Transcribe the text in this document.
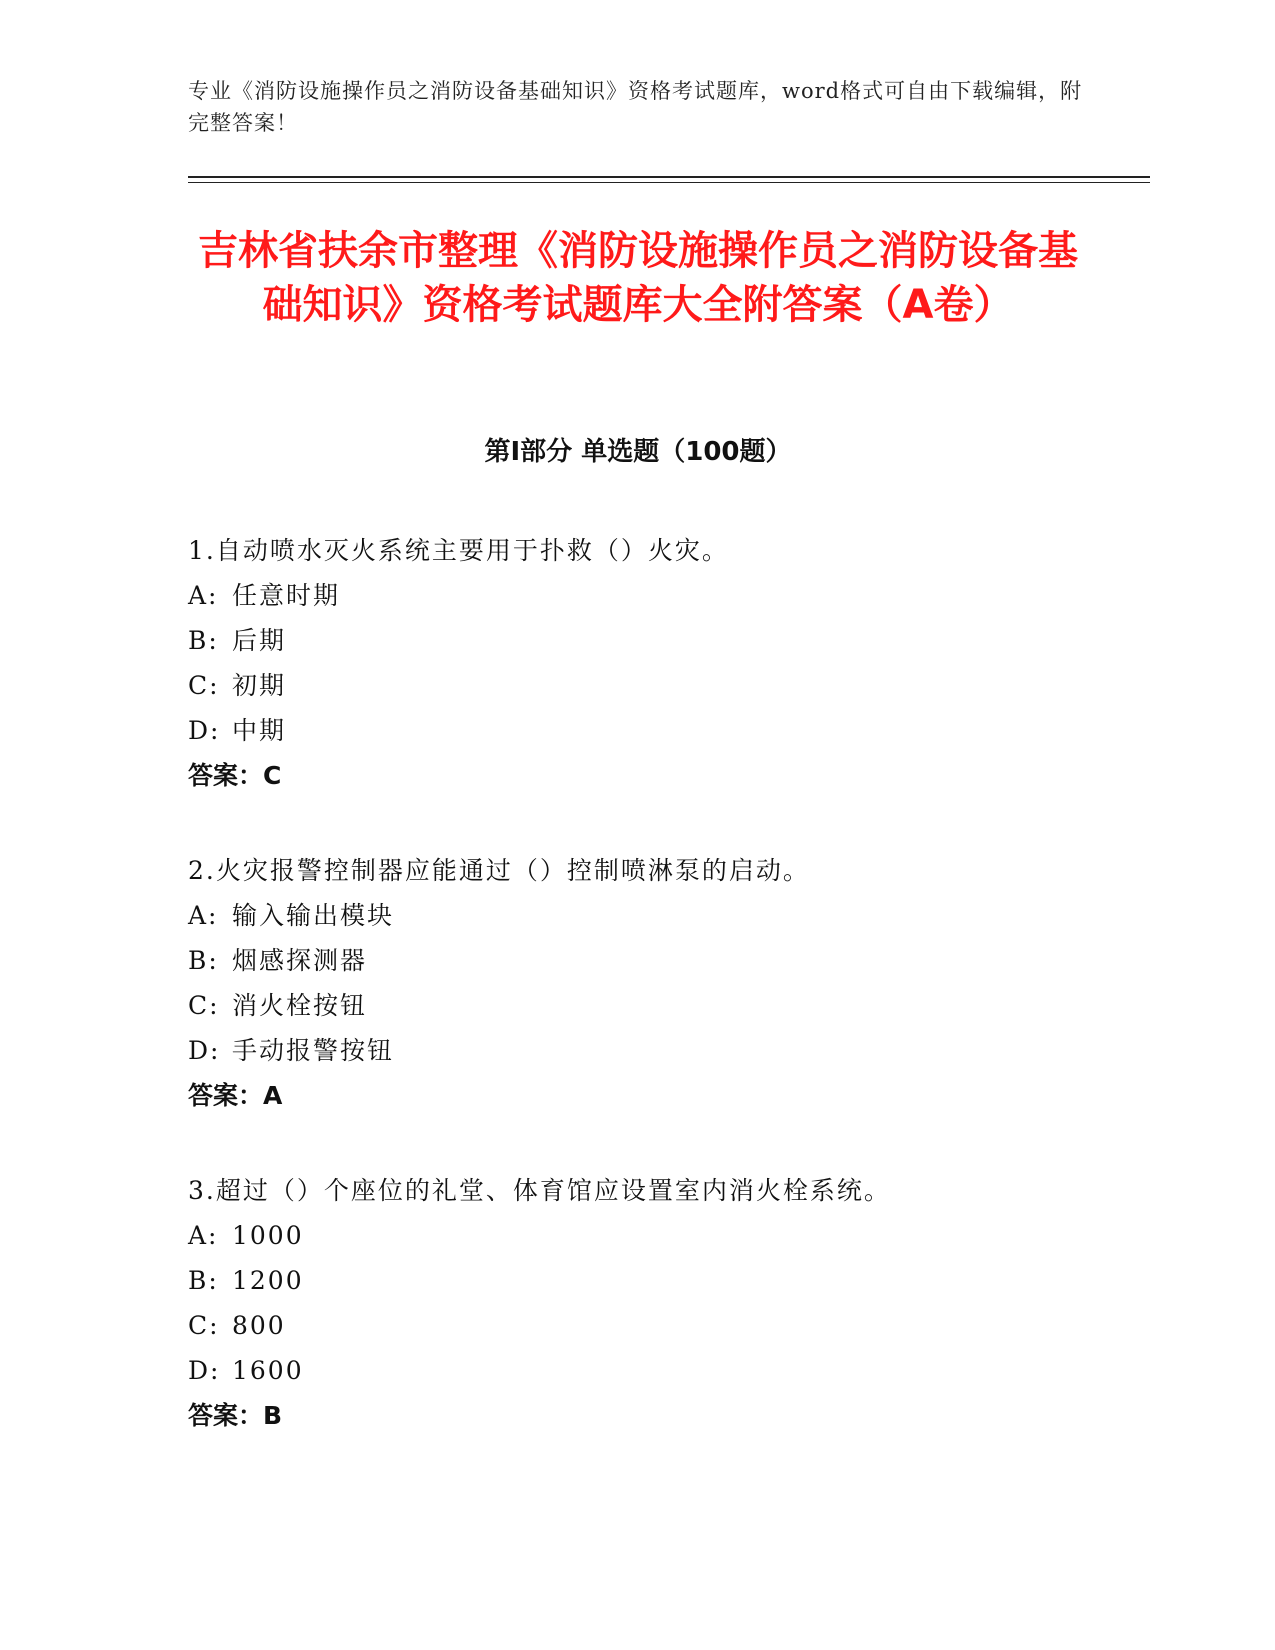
专业《消防设施操作员之消防设备基础知识》资格考试题库，word格式可自由下载编辑，附完整答案！
吉林省扶余市整理《消防设施操作员之消防设备基础知识》资格考试题库大全附答案（A卷）
第Ⅰ部分 单选题（100题）
1.自动喷水灭火系统主要用于扑救（）火灾。
A: 任意时期
B: 后期
C: 初期
D: 中期
答案：C
2.火灾报警控制器应能通过（）控制喷淋泵的启动。
A: 输入输出模块
B: 烟感探测器
C: 消火栓按钮
D: 手动报警按钮
答案：A
3.超过（）个座位的礼堂、体育馆应设置室内消火栓系统。
A: 1000
B: 1200
C: 800
D: 1600
答案：B
